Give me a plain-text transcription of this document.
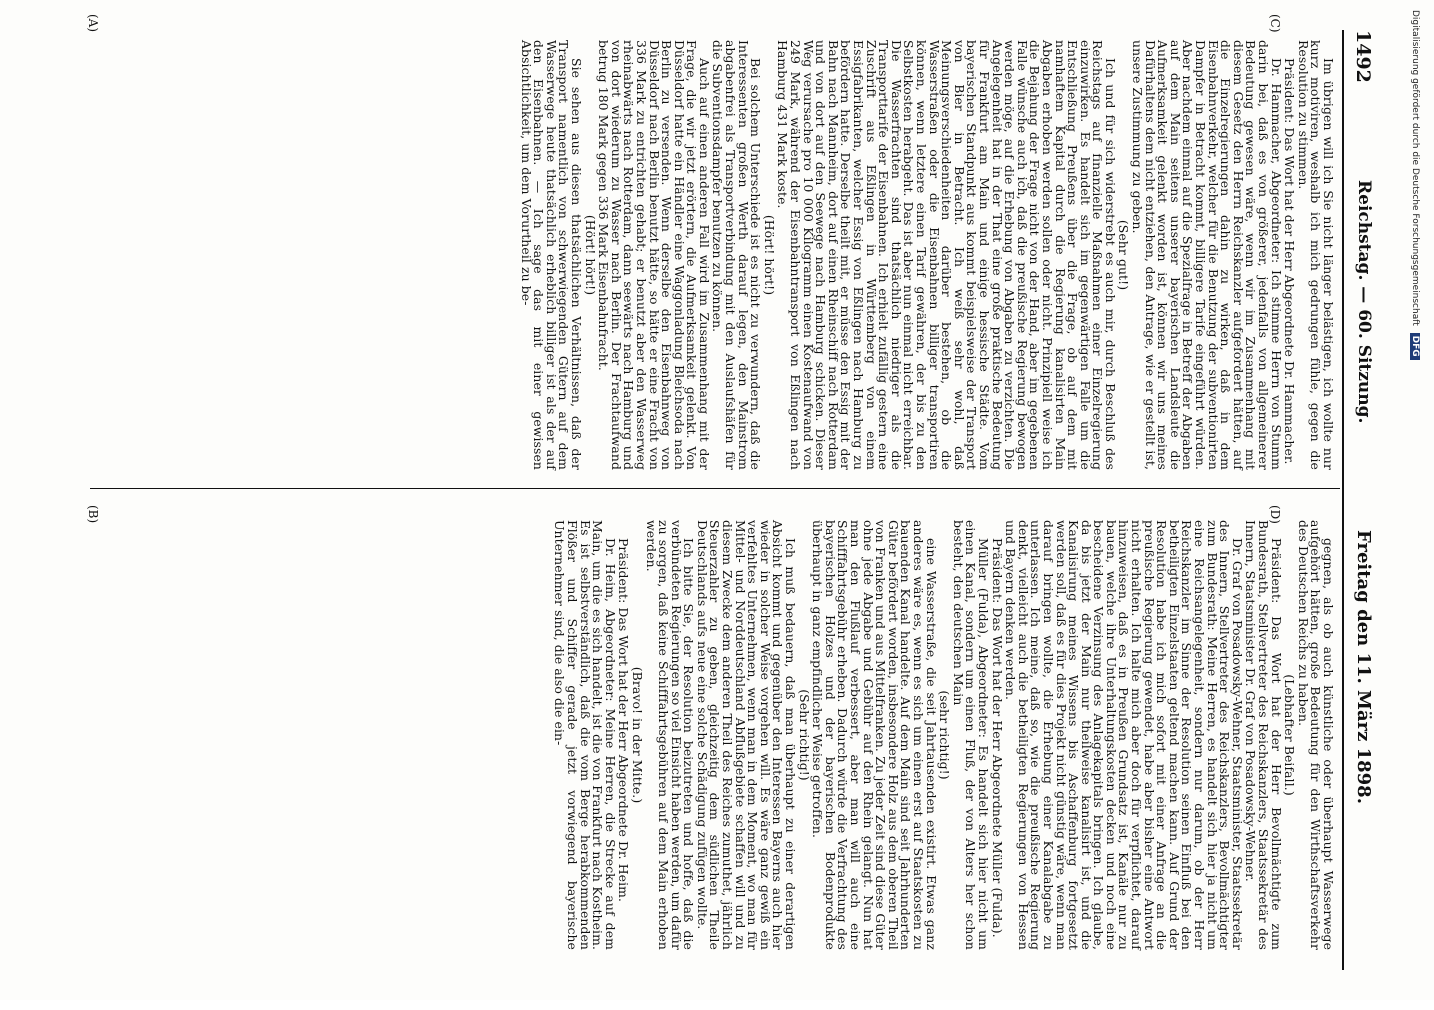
1492
Reichstag. — 60. Sitzung.
Freitag den 11. März 1898.

Im übrigen will ich Sie nicht länger belästigen, ich wollte nur kurz motiviren, weshalb ich mich gedrungen fühle, gegen die Resolution zu stimmen.

Präsident: Das Wort hat der Herr Abgeordnete Dr. Hammacher.

Dr. Hammacher, Abgeordneter: Ich stimme Herrn von Stumm darin bei, daß es von größerer, jedenfalls von allgemeinerer Bedeutung gewesen wäre, wenn wir im Zusammenhang mit diesem Gesetz den Herrn Reichskanzler aufgefordert hätten, auf die Einzelregierungen dahin zu wirken, daß in dem Eisenbahnverkehr, welcher für die Benutzung der subventionirten Dampfer in Betracht kommt, billigere Tarife eingeführt würden. Aber nachdem einmal auf die Spezialfrage in Betreff der Abgaben auf dem Main seitens unserer bayerischen Landsleute die Aufmerksamkeit gelenkt worden ist, können wir uns meines Dafürhaltens dem nicht entziehen, den Antrage, wie er gestellt ist, unsere Zustimmung zu geben.

(Sehr gut!)

Ich und für sich widerstrebt es auch mir, durch Beschluß des Reichstags auf finanzielle Maßnahmen einer Einzelregierung einzuwirken. Es handelt sich im gegenwärtigen Falle um die Entschließung Preußens über die Frage, ob auf dem mit namhaftem Kapital durch die Regierung kanalisirten Main Abgaben erhoben werden sollen oder nicht. Prinzipiell weise ich die Bejahung der Frage nicht von der Hand, aber im gegebenen Falle wünsche auch ich, daß die preußische Regierung bewogen werden möge, auf die Erhebung von Abgaben zu verzichten. Die Angelegenheit hat in der That eine große praktische Bedeutung für Frankfurt am Main und einige hessische Städte. Vom bayerischen Standpunkt aus kommt beispielsweise der Transport von Bier in Betracht. Ich weiß sehr wohl, daß Meinungsverschiedenheiten darüber bestehen, ob die Wasserstraßen oder die Eisenbahnen billiger transportiren können, wenn letztere einen Tarif gewähren, der bis zu den Selbstkosten herabgeht. Das ist aber nun einmal nicht erreichbar. Die Wasserfrachten sind thatsächlich niedriger als die Transporttarife der Eisenbahnen. Ich erhielt zufällig gestern eine Zuschrift aus Eßlingen in Württemberg von einem Essigfabrikanten, welcher Essig von Eßlingen nach Hamburg zu befördern hatte. Derselbe theilt mit, er müsse den Essig mit der Bahn nach Mannheim, dort auf einen Rheinschiff nach Rotterdam und von dort auf den Seewege nach Hamburg schicken. Dieser Weg verursache pro 10 000 Kilogramm einen Kostenaufwand von 249 Mark, während der Eisenbahntransport von Eßlingen nach Hamburg 431 Mark koste.

(Hört! hört!)

Bei solchem Unterschiede ist es nicht zu verwundern, daß die Interessenten großen Werth darauf legen, den Mainstrom abgabenfrei als Transportverbindung mit den Auslaufshäfen für die Subventionsdampfer benutzen zu können.

Auch auf einen anderen Fall wird im Zusammenhang mit der Frage, die wir jetzt erörtern, die Aufmerksamkeit gelenkt. Von Düsseldorf hatte ein Händler eine Waggonladung Bleichsoda nach Berlin zu versenden. Wenn derselbe den Eisenbahnweg von Düsseldorf nach Berlin benutzt hätte, so hätte er eine Fracht von 336 Mark zu entrichten gehabt; er benutzt aber den Wasserweg rheinabwärts nach Rotterdam, dann seewärts nach Hamburg und von dort wiederum zu Wasser nach Berlin. Der Frachtaufwand betrug 180 Mark gegen 336 Mark Eisenbahnfracht.

(Hört! hört!)

Sie sehen aus diesen thatsächlichen Verhältnissen, daß der Transport namentlich von schwerwiegenden Gütern auf dem Wasserwege heute thatsächlich erheblich billiger ist als der auf den Eisenbahnen. — Ich sage das mit einer gewissen Absichtlichkeit, um dem Vorurtheil zu be-

gegnen, als ob auch künstliche oder überhaupt Wasserwege aufgehört hätten, große Bedeutung für den Wirthschaftsverkehr des Deutschen Reichs zu haben.

(Lebhafter Beifall.)

Präsident: Das Wort hat der Herr Bevollmächtigte zum Bundesrath, Stellvertreter des Reichskanzlers, Staatssekretär des Innern, Staatsminister Dr. Graf von Posadowsky-Wehner.

Dr. Graf von Posadowsky-Wehner, Staatsminister, Staatssekretär des Innern, Stellvertreter des Reichskanzlers, Bevollmächtigter zum Bundesrath: Meine Herren, es handelt sich hier ja nicht um eine Reichsangelegenheit, sondern nur darum, ob der Herr Reichskanzler im Sinne der Resolution seinen Einfluß bei den betheiligten Einzelstaaten geltend machen kann. Auf Grund der Resolution habe ich mich sofort mit einer Anfrage an die preußische Regierung gewendet, habe aber bisher eine Antwort nicht erhalten. Ich halte mich aber doch für verpflichtet, darauf hinzuweisen, daß es in Preußen Grundsatz ist, Kanäle nur zu bauen, welche ihre Unterhaltungskosten decken und noch eine bescheidene Verzinsung des Anlagekapitals bringen. Ich glaube, da bis jetzt der Main nur theilweise kanalisirt ist, und die Kanalisirung meines Wissens bis Aschaffenburg fortgesetzt werden soll, daß es für dies Projekt nicht günstig wäre, wenn man darauf bringen wollte, die Erhebung einer Kanalabgabe zu unterlassen. Ich meine, daß so, wie die preußische Regierung denkt, vielleicht auch die betheiligten Regierungen von Hessen und Bayern denken werden.

Präsident: Das Wort hat der Herr Abgeordnete Müller (Fulda).

Müller (Fulda), Abgeordneter: Es handelt sich hier nicht um einen Kanal, sondern um einen Fluß, der von Alters her schon besteht, den deutschen Main

(sehr richtig!)

eine Wasserstraße, die seit Jahrtausenden existirt. Etwas ganz anderes wäre es, wenn es sich um einen erst auf Staatskosten zu bauenden Kanal handelte. Auf dem Main sind seit Jahrhunderten Güter befördert worden, insbesondere Holz aus dem oberen Theil von Franken und aus Mittelfranken. Zu jeder Zeit sind diese Güter ohne jede Abgabe und Gebühr auf den Rhein gelangt. Nun hat man den Flußlauf verbessert, aber man will auch eine Schifffahrtsgebühr erheben. Dadurch würde die Verfrachtung des bayerischen Holzes und der bayerischen Bodenprodukte überhaupt in ganz empfindlicher Weise getroffen.

(Sehr richtig!)

Ich muß bedauern, daß man überhaupt zu einer derartigen Absicht kommt und gegenüber den Interessen Bayerns auch hier wieder in solcher Weise vorgehen will. Es wäre ganz gewiß ein verfehltes Unternehmen, wenn man in dem Moment, wo man für Mittel- und Norddeutschland Abflußgebiete schaffen will und zu diesem Zwecke dem anderen Theil des Reiches zumuthet, jährlich Steuerzahler zu geben, gleichzeitig dem südlichen Theile Deutschlands aufs neue eine solche Schädigung zufügen wollte.

Ich bitte Sie, der Resolution beizutreten und hoffe, daß die verbündeten Regierungen so viel Einsicht haben werden, um dafür zu sorgen, daß keine Schifffahrtsgebühren auf dem Main erhoben werden.

(Bravo! in der Mitte.)

Präsident: Das Wort hat der Herr Abgeordnete Dr. Heim.

Dr. Heim, Abgeordneter: Meine Herren, die Strecke auf dem Main, um die es sich handelt, ist die von Frankfurt nach Kostheim. Es ist selbstverständlich, daß die vom Berge herabkommenden Flößer und Schiffer gerade jetzt vorwiegend bayerische Unternehmer sind, die also die ein-

(A)
(B)
(C)
(D)
Digitalisierung gefördert durch die Deutsche Forschungsgemeinschaft DFG
